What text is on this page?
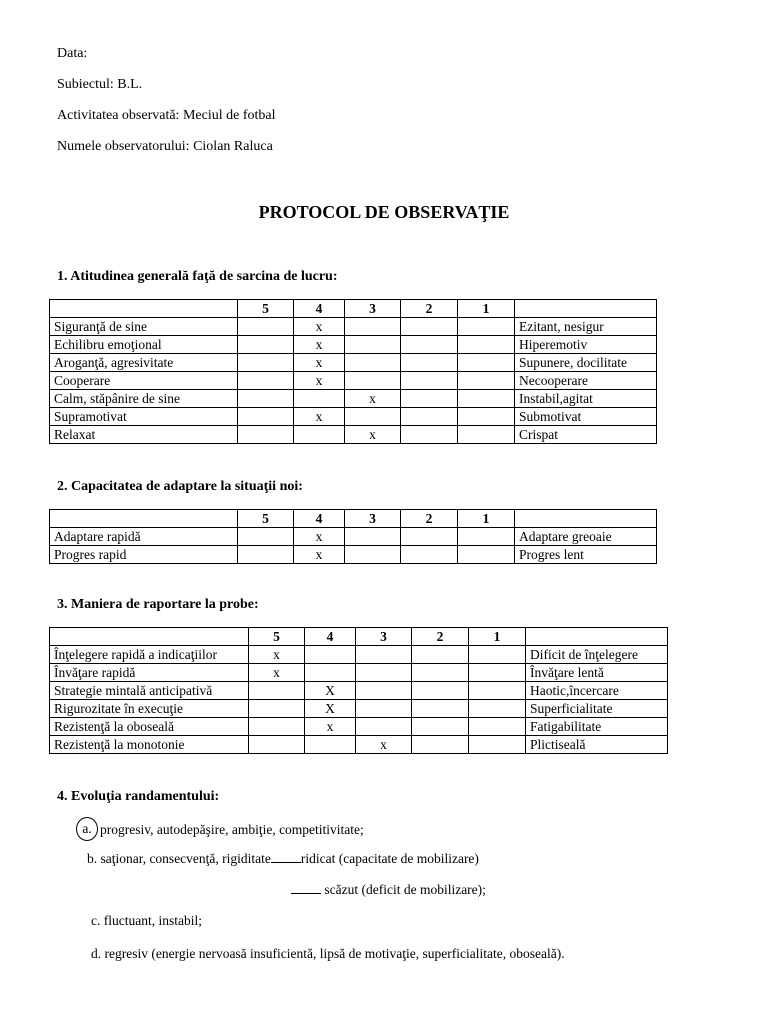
Data:
Subiectul: B.L.
Activitatea observată: Meciul de fotbal
Numele observatorului: Ciolan Raluca
PROTOCOL DE OBSERVAŢIE
1. Atitudinea generală faţă de sarcina de lucru:
	5	4	3	2	1	
Siguranţă de sine		x				Ezitant, nesigur
Echilibru emoţional		x				Hiperemotiv
Aroganţă, agresivitate		x				Supunere, docilitate
Cooperare		x				Necooperare
Calm, stăpânire de sine			x			Instabil,agitat
Supramotivat		x				Submotivat
Relaxat			x			Crispat
2. Capacitatea de adaptare la situaţii noi:
	5	4	3	2	1	
Adaptare rapidă		x				Adaptare greoaie
Progres rapid		x				Progres lent
3. Maniera de raportare la probe:
	5	4	3	2	1	
Înţelegere rapidă a indicaţiilor	x					Dificit de înţelegere
Învăţare rapidă	x					Învăţare lentă
Strategie mintală anticipativă		X				Haotic,încercare
Rigurozitate în execuţie		X				Superficialitate
Rezistenţă la oboseală		x				Fatigabilitate
Rezistenţă la monotonie			x			Plictiseală
4. Evoluţia randamentului:
a. progresiv, autodepăşire, ambiţie, competitivitate;
b. saţionar, consecvenţă, rigiditate ridicat (capacitate de mobilizare)
scăzut (deficit de mobilizare);
c. fluctuant, instabil;
d. regresiv (energie nervoasă insuficientă, lipsă de motivaţie, superficialitate, oboseală).
